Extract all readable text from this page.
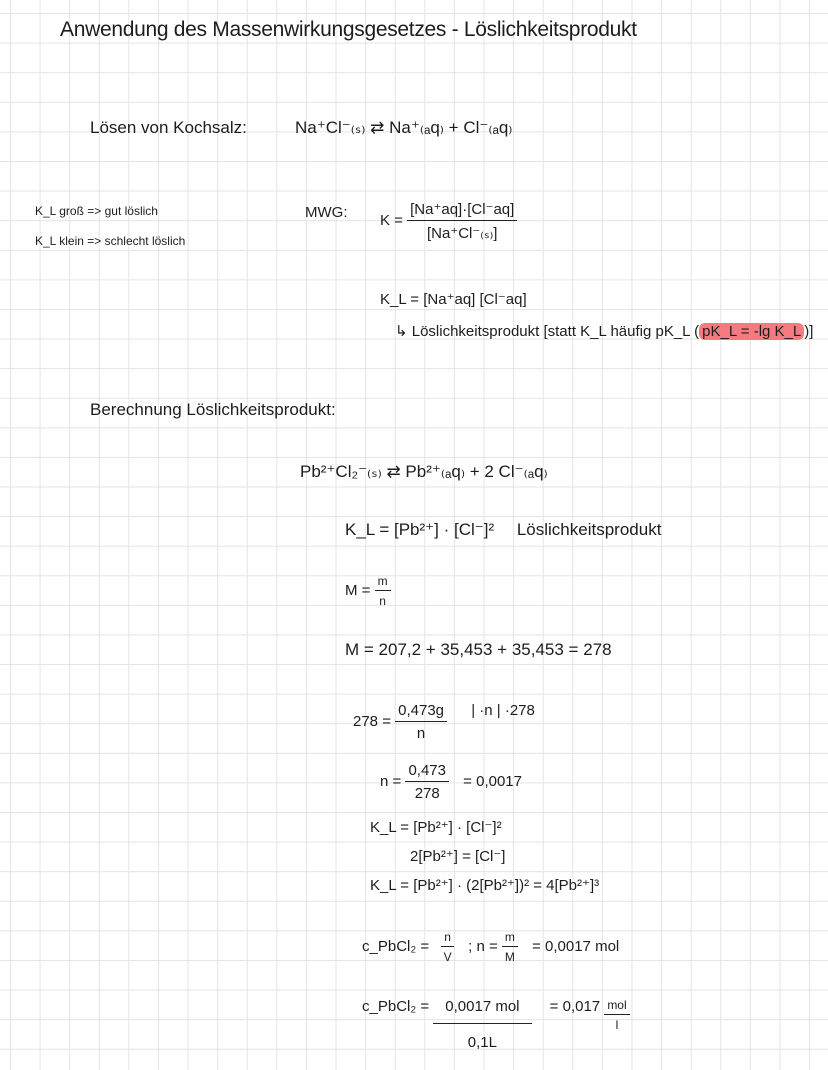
Anwendung des Massenwirkungsgesetzes - Löslichkeitsprodukt
Lösen von Kochsalz:	Na⁺Cl⁻₍ₛ₎ ⇄ Na⁺₍ₐq₎ + Cl⁻₍ₐq₎
K_L groß => gut löslich
K_L klein => schlecht löslich
MWG: $K = \frac{[Na^+aq]\cdot[Cl^-aq]}{\text{[Na⁺Cl⁻₍ₛ₎]}}$
K_L = [Na⁺aq] [Cl⁻aq]
↳ Löslichkeitsprodukt [statt K_L häufig pK_L ( pK_L = -lg K_L )]
Berechnung Löslichkeitsprodukt:
Pb²⁺Cl₂⁻₍ₛ₎ ⇄ Pb²⁺₍ₐq₎ + 2 Cl⁻₍ₐq₎
K_L = [Pb²⁺] · [Cl⁻]² Löslichkeitsprodukt
$M = \frac{m}{n}$
M = 207,2 + 35,453 + 35,453 = 278
$278 = \frac{0,473g}{n}$ | ·n | ·278
$n = \frac{0,473}{278} = 0,0017$
K_L = [Pb²⁺] · [Cl⁻]²
2[Pb²⁺] = [Cl⁻]
K_L = [Pb²⁺] · (2[Pb²⁺])² = 4[Pb²⁺]³
c_PbCl₂ = $\frac{n}{V}$ ; $n = \frac{m}{M} = 0,0017$ mol
c_PbCl₂ = $\frac{\text{0,0017 mol}}{0,1L} = 0,017 \frac{\text{mol}}{l}$
